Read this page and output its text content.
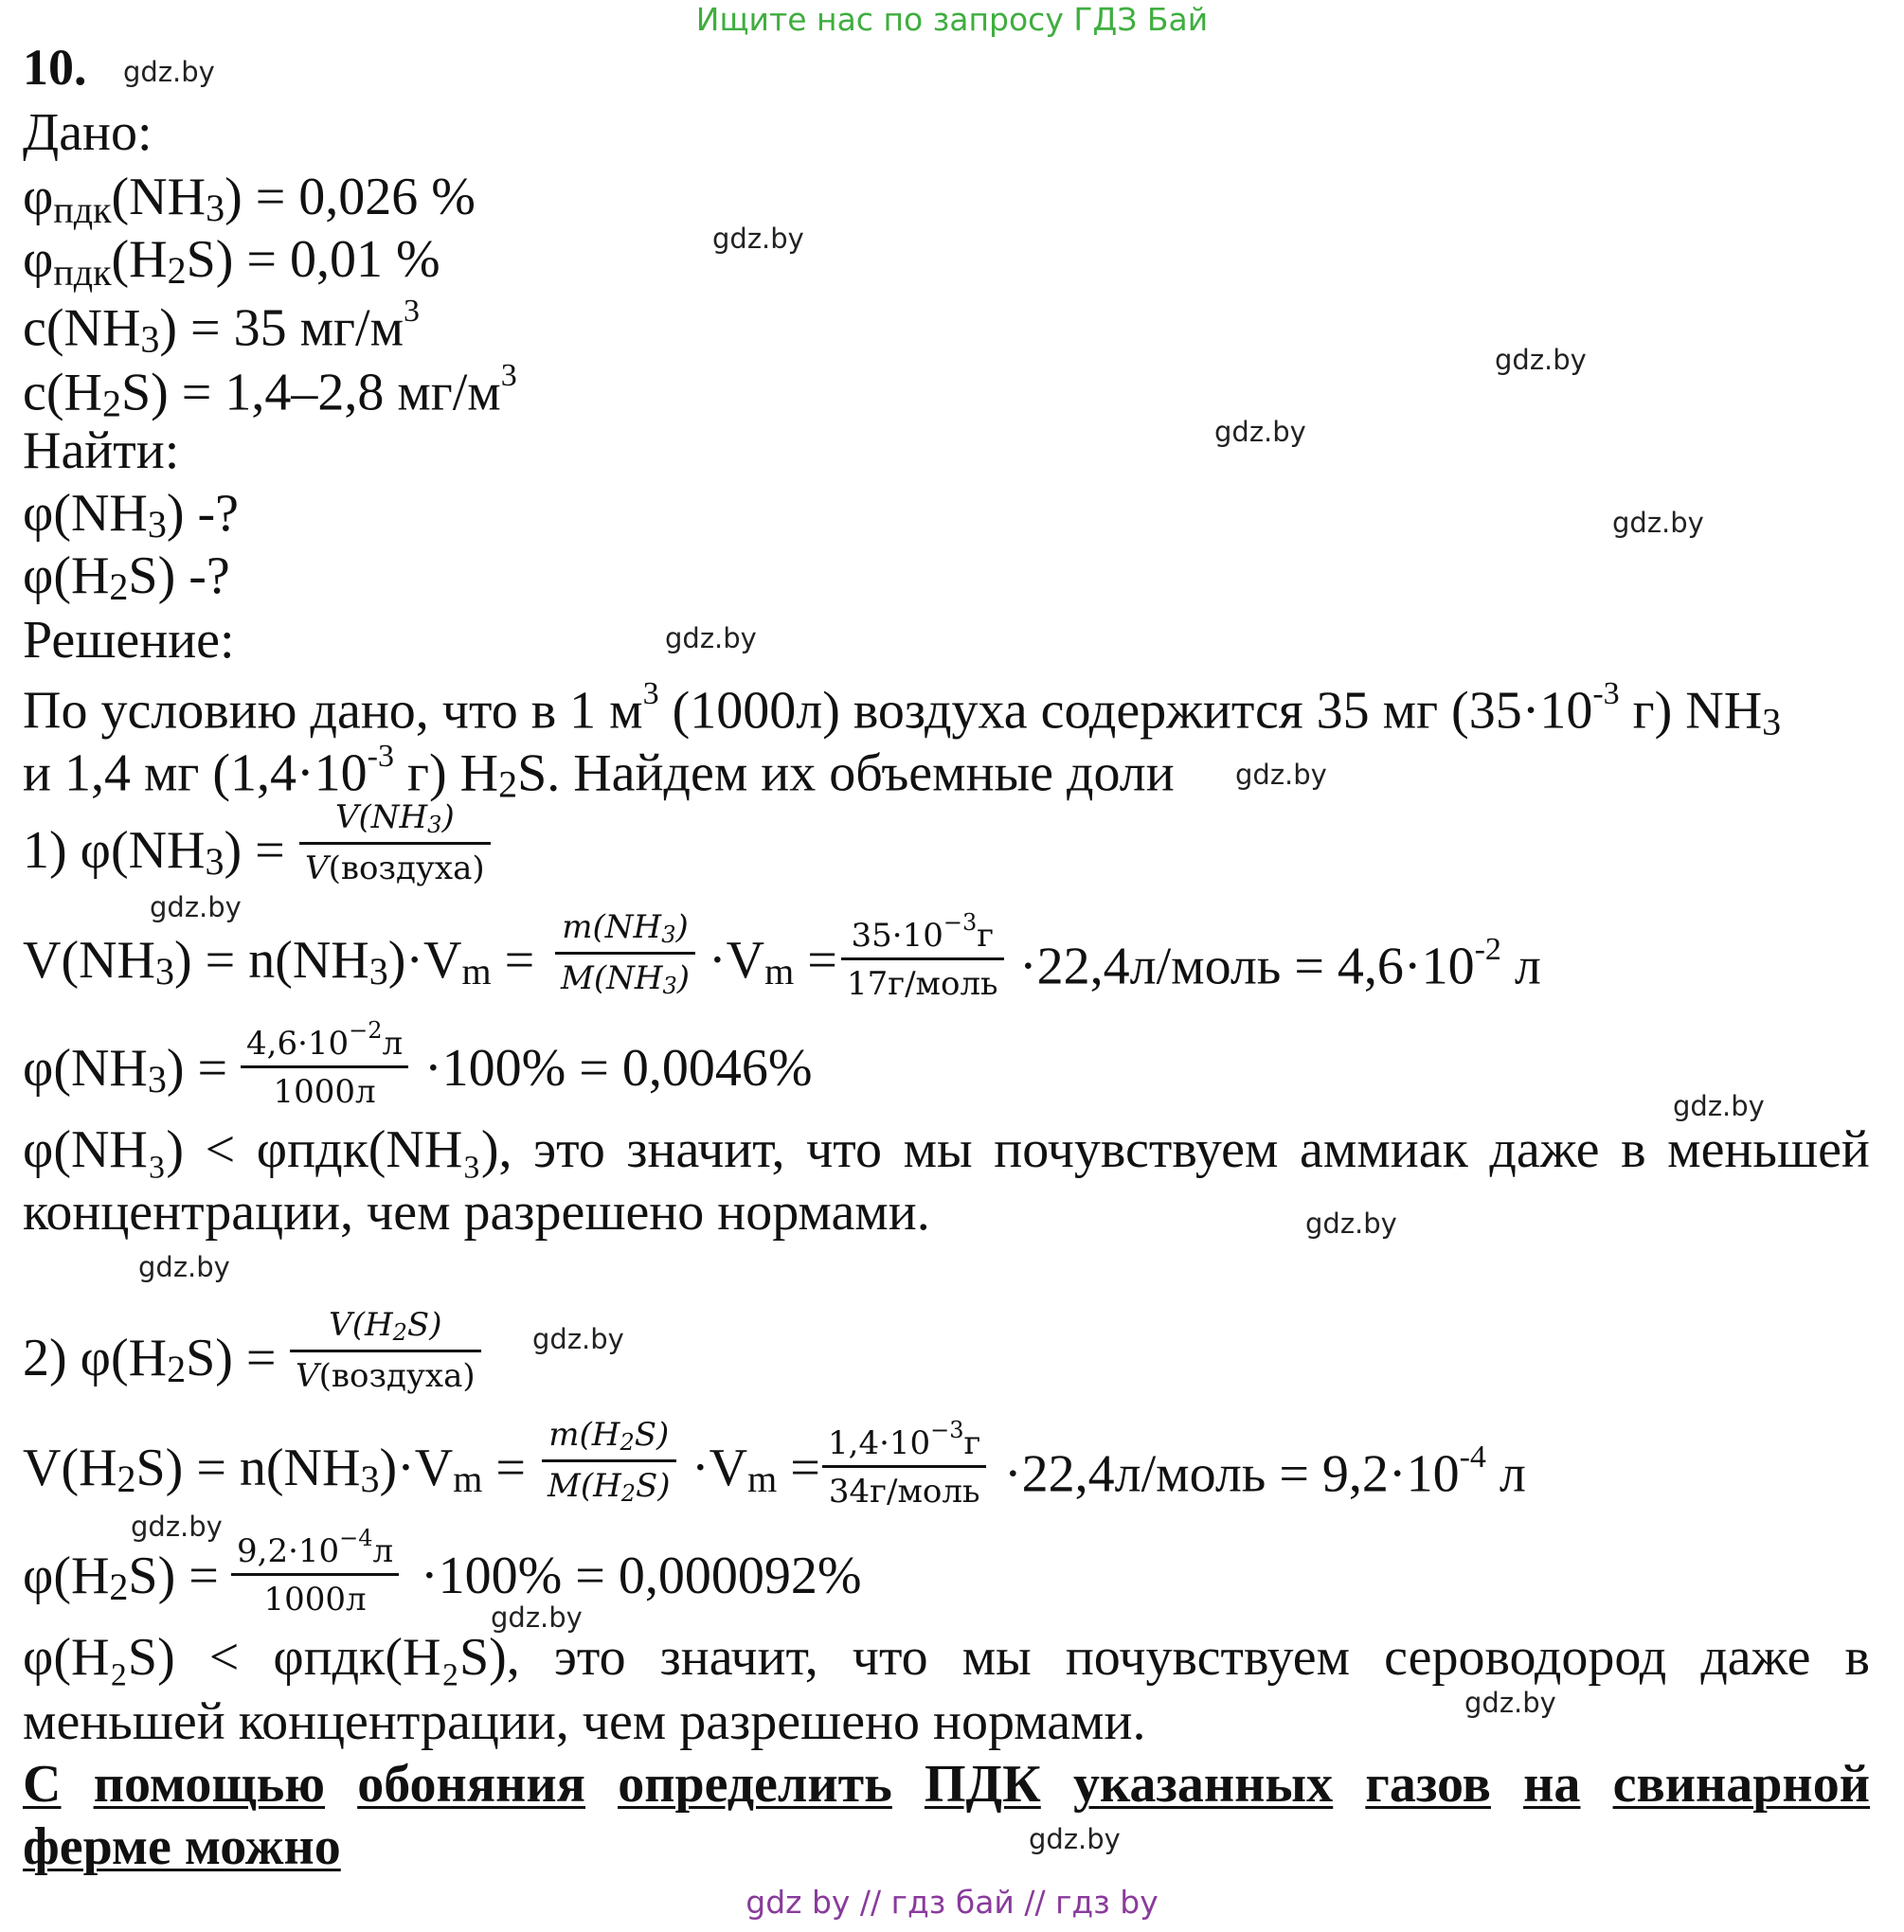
Ищите нас по запросу ГДЗ Бай
10. gdz.by
gdz.by
gdz.by
gdz.by
gdz.by
gdz.by
gdz.by
gdz.by
gdz.by
gdz.by
gdz.by
gdz.by
gdz.by
gdz.by
gdz.by
gdz.by
Дано:
φпдк(NH3) = 0,026 %
φпдк(H2S) = 0,01 %
c(NH3) = 35 $мг/м^3$
c(H2S) = 1,4–2,8 $мг/м^3$
Найти:
φ(NH3) -?
φ(H2S) -?
Решение:
По условию дано, что в 1 $м^3$ (1000л) воздуха содержится 35 мг ($35\cdot 10^{-3}$ г) NH3
и 1,4 мг ($1,4\cdot 10^{-3}$ г) H2S. Найдем их объемные доли
1) φ(NH3) =
V(NH3)
V(воздуха)
$V(NH3) = n(NH3)\cdot Vm = \frac{m(NH3)}{M(NH3)} \cdot Vm = 35\cdot 10^{-3}г$
17г/моль ·22,4л/моль = $4,6\cdot 10^{-2}$ л
$\varphi(NH3) = 4,6\cdot 10^{-2}л$
1000л ·100% = 0,0046%
φ(NH₃) < φпдк(NH₃), это значит, что мы почувствуем аммиак даже в меньшей
концентрации, чем разрешено нормами.
2) φ(H2S) =
V(H2S)
V(воздуха)
$V(H2S) = n(NH3)\cdot Vm = \frac{m(H2S)}{M(H2S)} \cdot Vm = 1,4\cdot 10^{-3}г$
34г/моль ·22,4л/моль = $9,2\cdot 10^{-4}$ л
$\varphi(H2S) = 9,2\cdot 10^{-4}л$
1000л	·100% = 0,000092%
φ(H₂S) < φпдк(H₂S), это значит, что мы почувствуем сероводород даже в
меньшей концентрации, чем разрешено нормами.
С помощью обоняния определить ПДК указанных газов на свинарной
ферме можно
gdz by // гдз бай // гдз by
